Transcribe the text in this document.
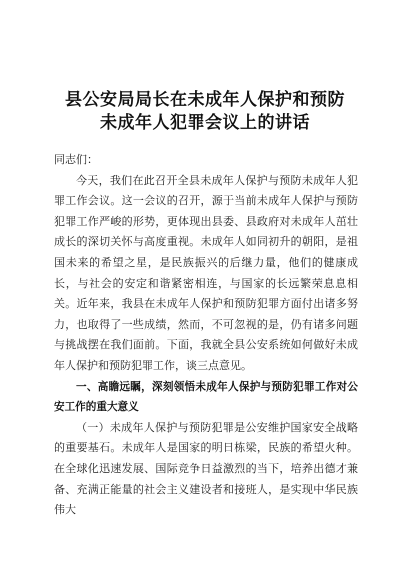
县公安局局长在未成年人保护和预防
未成年人犯罪会议上的讲话

同志们：

今天，我们在此召开全县未成年人保护与预防未成年人犯罪工作会议。这一会议的召开，源于当前未成年人保护与预防犯罪工作严峻的形势，更体现出县委、县政府对未成年人茁壮成长的深切关怀与高度重视。未成年人如同初升的朝阳，是祖国未来的希望之星，是民族振兴的后继力量，他们的健康成长，与社会的安定和谐紧密相连，与国家的长远繁荣息息相关。近年来，我县在未成年人保护和预防犯罪方面付出诸多努力，也取得了一些成绩，然而，不可忽视的是，仍有诸多问题与挑战摆在我们面前。下面，我就全县公安系统如何做好未成年人保护和预防犯罪工作，谈三点意见。

一、高瞻远瞩，深刻领悟未成年人保护与预防犯罪工作对公安工作的重大意义

（一）未成年人保护与预防犯罪是公安维护国家安全战略的重要基石。未成年人是国家的明日栋梁，民族的希望火种。在全球化迅速发展、国际竞争日益激烈的当下，培养出德才兼备、充满正能量的社会主义建设者和接班人，是实现中华民族伟大
